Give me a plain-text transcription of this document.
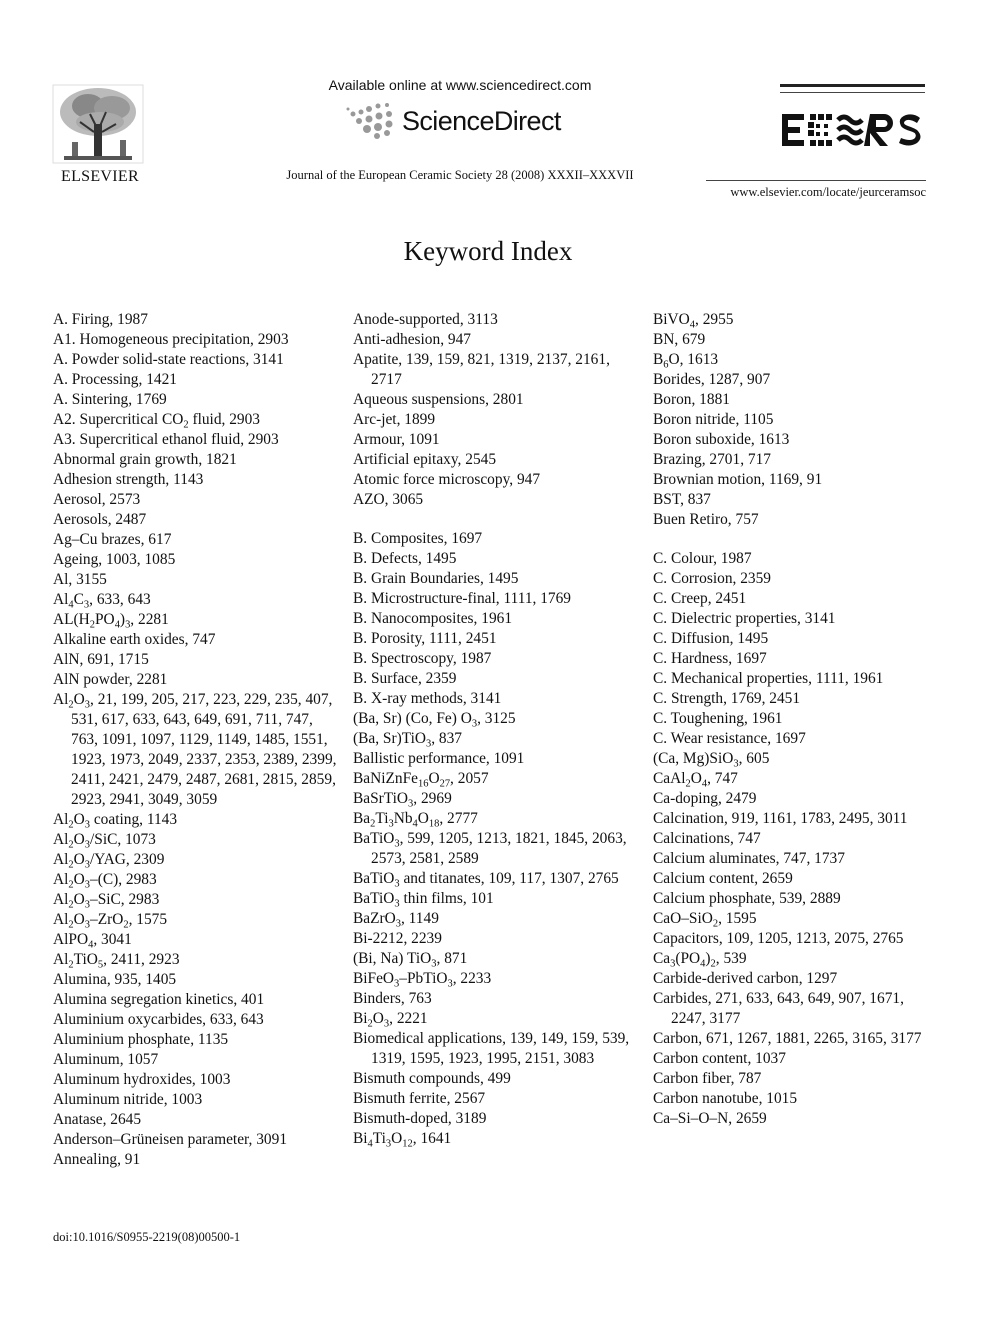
ELSEVIER
Available online at www.sciencedirect.com
ScienceDirect
Journal of the European Ceramic Society 28 (2008) XXXII–XXXVII
www.elsevier.com/locate/jeurceramsoc
Keyword Index
A. Firing, 1987
A1. Homogeneous precipitation, 2903
A. Powder solid-state reactions, 3141
A. Processing, 1421
A. Sintering, 1769
A2. Supercritical $CO_2$ fluid, 2903
A3. Supercritical ethanol fluid, 2903
Abnormal grain growth, 1821
Adhesion strength, 1143
Aerosol, 2573
Aerosols, 2487
Ag–Cu brazes, 617
Ageing, 1003, 1085
Al, 3155
$Al_4C_3$, 633, 643
$AL(H_2PO_4)_3$, 2281
Alkaline earth oxides, 747
AlN, 691, 1715
AlN powder, 2281
$Al_2O_3$, 21, 199, 205, 217, 223, 229, 235, 407, 531, 617, 633, 643, 649, 691, 711, 747, 763, 1091, 1097, 1129, 1149, 1485, 1551, 1923, 1973, 2049, 2337, 2353, 2389, 2399, 2411, 2421, 2479, 2487, 2681, 2815, 2859, 2923, 2941, 3049, 3059
$Al_2O_3$ coating, 1143
$Al_2O_3$/SiC, 1073
$Al_2O_3$/YAG, 2309
$Al_2O_3-(C)$, 2983
$Al_2O_3$–SiC, 2983
$Al_2O_3-ZrO_2$, 1575
AlPO$_4$, 3041
$Al_2TiO_5$, 2411, 2923
Alumina, 935, 1405
Alumina segregation kinetics, 401
Aluminium oxycarbides, 633, 643
Aluminium phosphate, 1135
Aluminum, 1057
Aluminum hydroxides, 1003
Aluminum nitride, 1003
Anatase, 2645
Anderson–Grüneisen parameter, 3091
Annealing, 91
Anode-supported, 3113
Anti-adhesion, 947
Apatite, 139, 159, 821, 1319, 2137, 2161, 2717
Aqueous suspensions, 2801
Arc-jet, 1899
Armour, 1091
Artificial epitaxy, 2545
Atomic force microscopy, 947
AZO, 3065
B. Composites, 1697
B. Defects, 1495
B. Grain Boundaries, 1495
B. Microstructure-final, 1111, 1769
B. Nanocomposites, 1961
B. Porosity, 1111, 2451
B. Spectroscopy, 1987
B. Surface, 2359
B. X-ray methods, 3141
(Ba, Sr) (Co, Fe) $O_3$, 3125
(Ba, Sr)TiO$_3$, 837
Ballistic performance, 1091
$BaNiZnFe_{16}O_{27}$, 2057
BaSrTiO$_3$, 2969
$Ba_2Ti_3Nb_4O_{18}$, 2777
BaTiO$_3$, 599, 1205, 1213, 1821, 1845, 2063, 2573, 2581, 2589
BaTiO$_3$ and titanates, 109, 117, 1307, 2765
BaTiO$_3$ thin films, 101
BaZrO$_3$, 1149
Bi-2212, 2239
(Bi, Na) TiO$_3$, 871
BiFeO$_3$–PbTiO$_3$, 2233
Binders, 763
$Bi_2O_3$, 2221
Biomedical applications, 139, 149, 159, 539, 1319, 1595, 1923, 1995, 2151, 3083
Bismuth compounds, 499
Bismuth ferrite, 2567
Bismuth-doped, 3189
$Bi_4Ti_3O_{12}$, 1641
BiVO$_4$, 2955
BN, 679
$B_6O$, 1613
Borides, 1287, 907
Boron, 1881
Boron nitride, 1105
Boron suboxide, 1613
Brazing, 2701, 717
Brownian motion, 1169, 91
BST, 837
Buen Retiro, 757
C. Colour, 1987
C. Corrosion, 2359
C. Creep, 2451
C. Dielectric properties, 3141
C. Diffusion, 1495
C. Hardness, 1697
C. Mechanical properties, 1111, 1961
C. Strength, 1769, 2451
C. Toughening, 1961
C. Wear resistance, 1697
(Ca, Mg)SiO$_3$, 605
$CaAl_2O_4$, 747
Ca-doping, 2479
Calcination, 919, 1161, 1783, 2495, 3011
Calcinations, 747
Calcium aluminates, 747, 1737
Calcium content, 2659
Calcium phosphate, 539, 2889
CaO–SiO$_2$, 1595
Capacitors, 109, 1205, 1213, 2075, 2765
$Ca_3(PO_4)_2$, 539
Carbide-derived carbon, 1297
Carbides, 271, 633, 643, 649, 907, 1671, 2247, 3177
Carbon, 671, 1267, 1881, 2265, 3165, 3177
Carbon content, 1037
Carbon fiber, 787
Carbon nanotube, 1015
Ca–Si–O–N, 2659
doi:10.1016/S0955-2219(08)00500-1
